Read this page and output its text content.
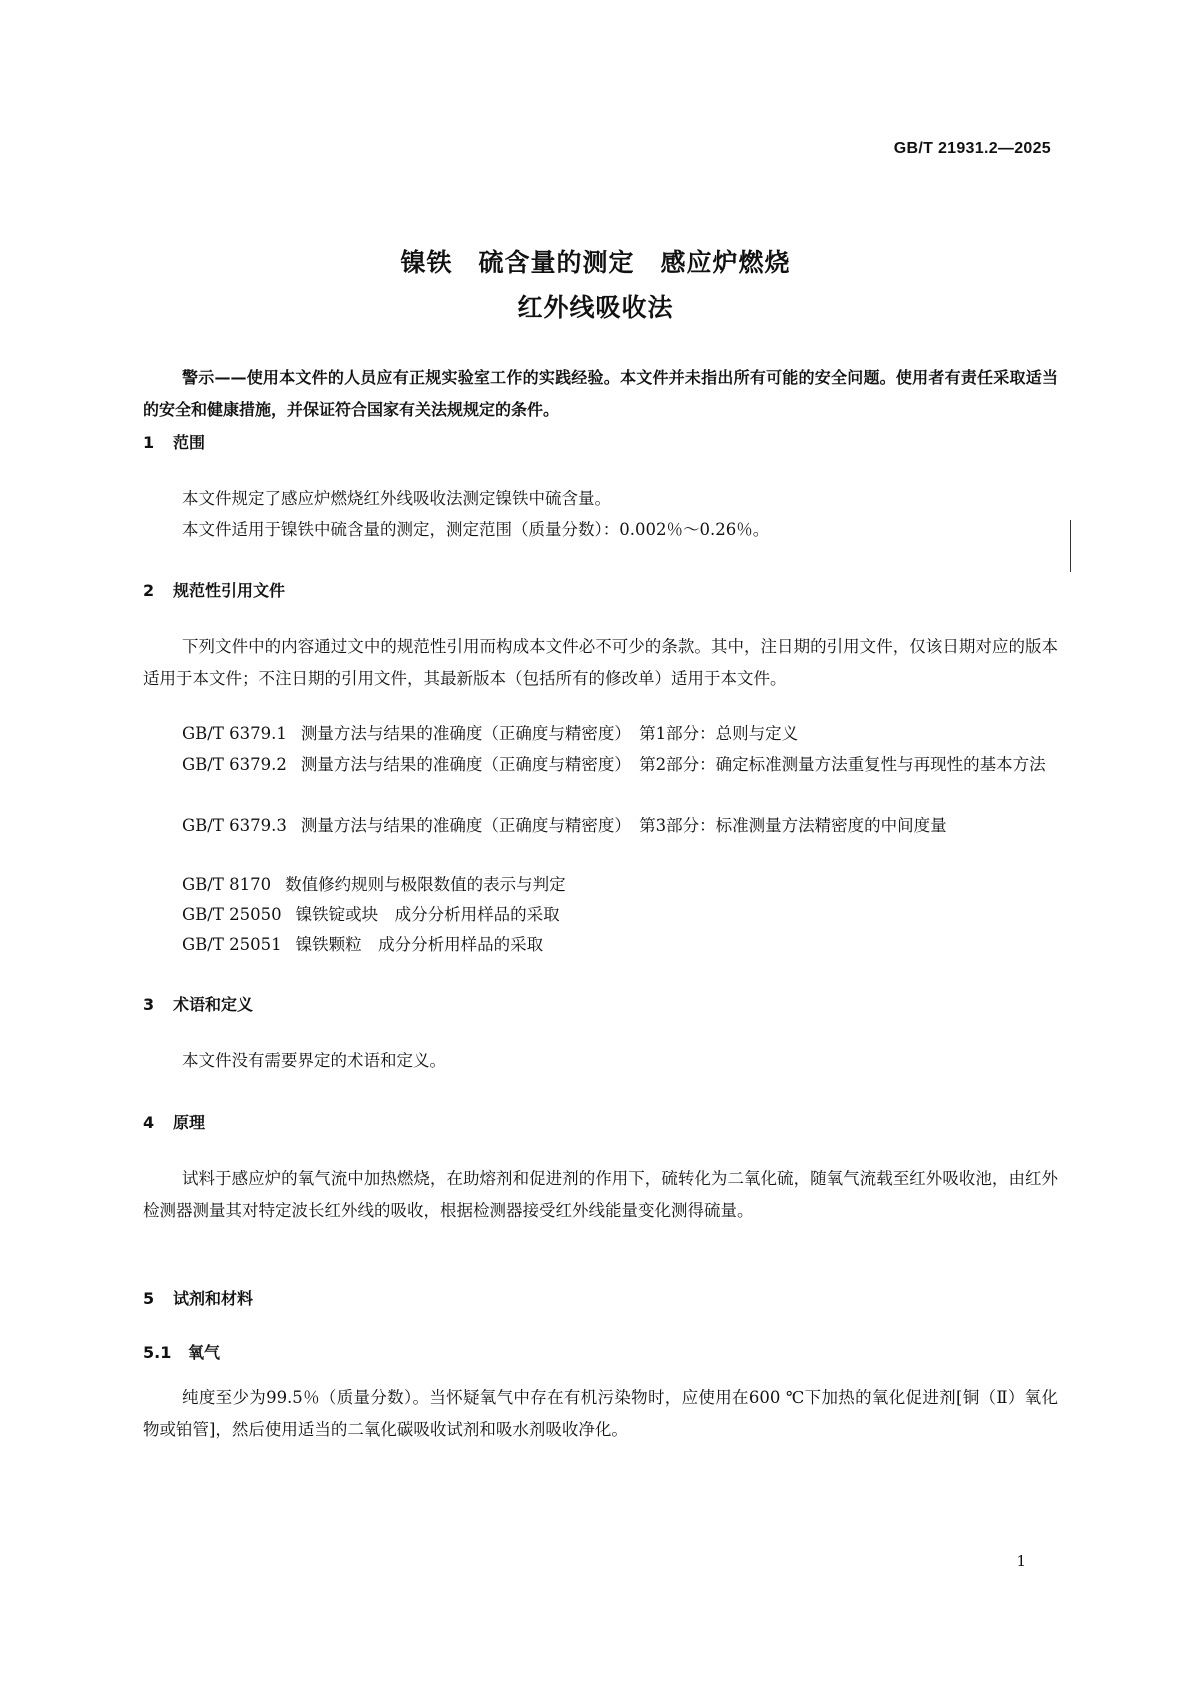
GB/T 21931.2—2025
镍铁　硫含量的测定　感应炉燃烧
红外线吸收法
警示——使用本文件的人员应有正规实验室工作的实践经验。本文件并未指出所有可能的安全问题。使用者有责任采取适当的安全和健康措施，并保证符合国家有关法规规定的条件。
1 范围
本文件规定了感应炉燃烧红外线吸收法测定镍铁中硫含量。
本文件适用于镍铁中硫含量的测定，测定范围（质量分数）：0.002％～0.26％。
2 规范性引用文件
下列文件中的内容通过文中的规范性引用而构成本文件必不可少的条款。其中，注日期的引用文件，仅该日期对应的版本适用于本文件；不注日期的引用文件，其最新版本（包括所有的修改单）适用于本文件。
GB/T 6379.1 测量方法与结果的准确度（正确度与精密度）　第1部分：总则与定义
GB/T 6379.2 测量方法与结果的准确度（正确度与精密度）　第2部分：确定标准测量方法重复性与再现性的基本方法
GB/T 6379.3 测量方法与结果的准确度（正确度与精密度）　第3部分：标准测量方法精密度的中间度量
GB/T 8170 数值修约规则与极限数值的表示与判定
GB/T 25050 镍铁锭或块　成分分析用样品的采取
GB/T 25051 镍铁颗粒　成分分析用样品的采取
3 术语和定义
本文件没有需要界定的术语和定义。
4 原理
试料于感应炉的氧气流中加热燃烧，在助熔剂和促进剂的作用下，硫转化为二氧化硫，随氧气流载至红外吸收池，由红外检测器测量其对特定波长红外线的吸收，根据检测器接受红外线能量变化测得硫量。
5 试剂和材料
5.1 氧气
纯度至少为99.5％（质量分数）。当怀疑氧气中存在有机污染物时，应使用在600 ℃下加热的氧化促进剂[铜（Ⅱ）氧化物或铂管]，然后使用适当的二氧化碳吸收试剂和吸水剂吸收净化。
1
